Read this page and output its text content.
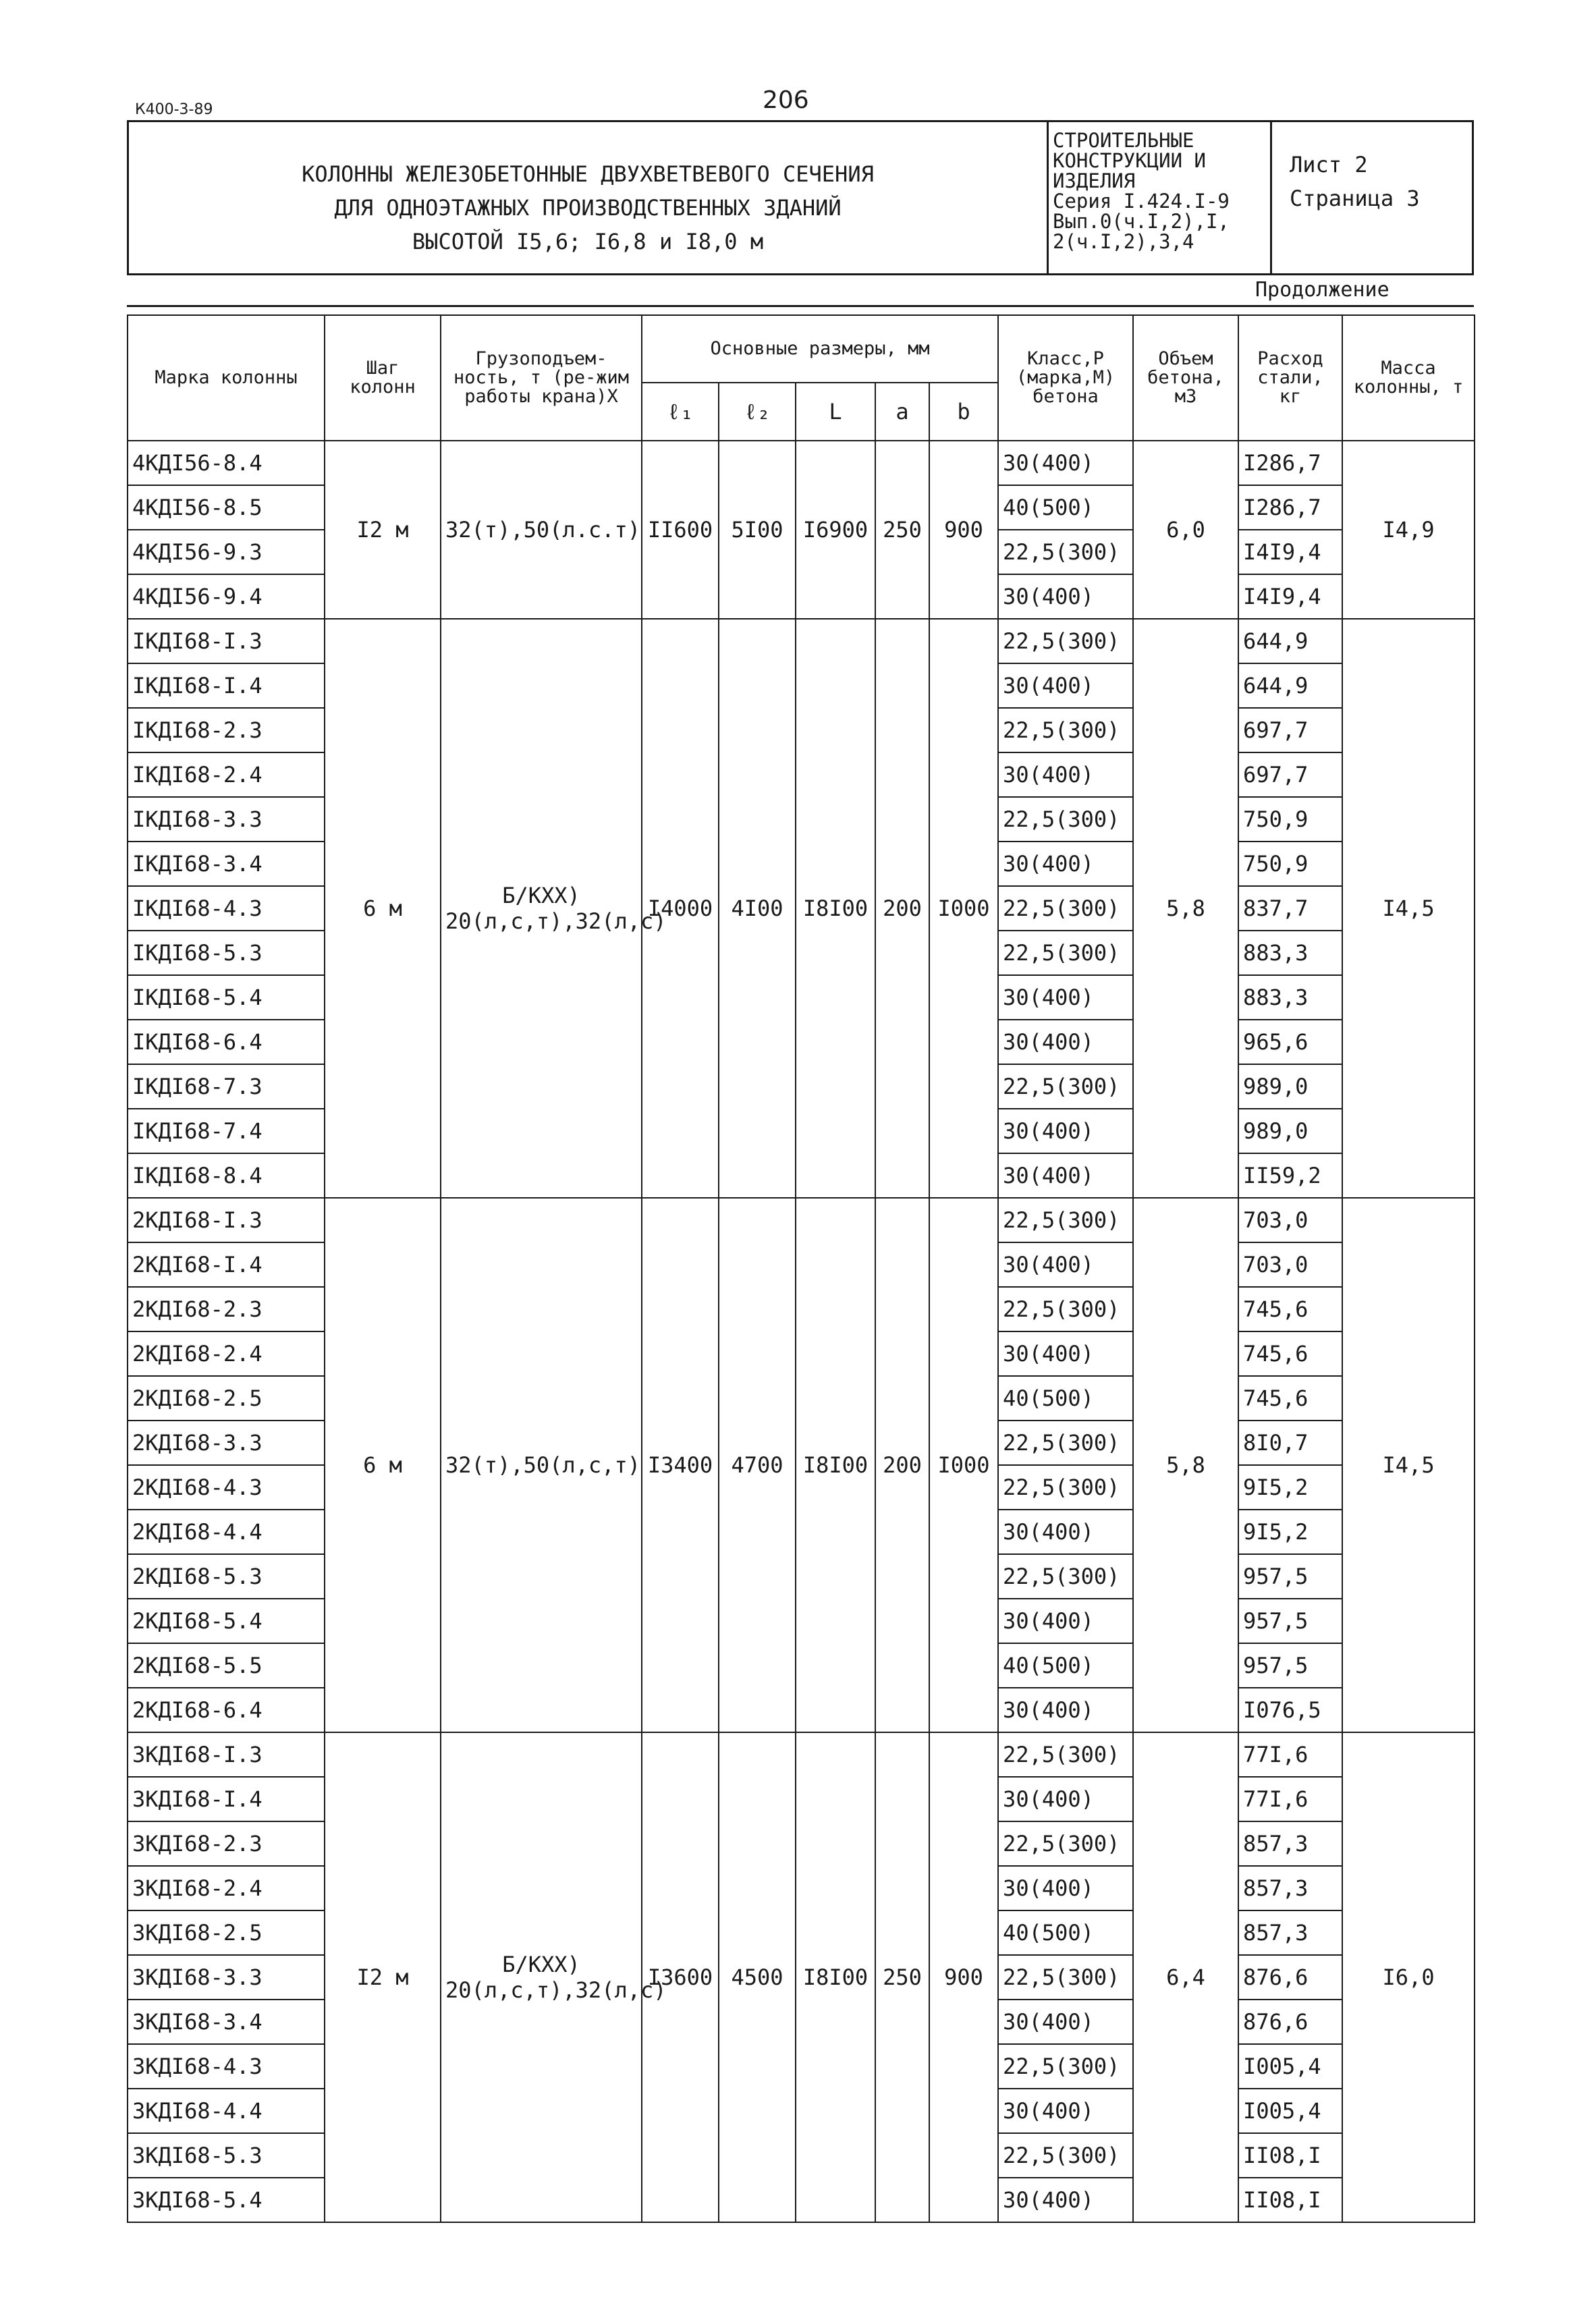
206
К400-3-89
КОЛОННЫ ЖЕЛЕЗОБЕТОННЫЕ ДВУХВЕТВЕВОГО СЕЧЕНИЯ
ДЛЯ ОДНОЭТАЖНЫХ ПРОИЗВОДСТВЕННЫХ ЗДАНИЙ
ВЫСОТОЙ I5,6; I6,8 и I8,0 м
СТРОИТЕЛЬНЫЕ
КОНСТРУКЦИИ И
ИЗДЕЛИЯ
Серия I.424.I-9
Вып.0(ч.I,2),I,
2(ч.I,2),3,4
Лист 2
Страница 3
Продолжение
Марка колонны	Шаг колонн	Грузоподъем-ность, т (ре-жим работы крана)X	Основные размеры, мм					Класс,Р (марка,М) бетона	Объем бетона, м3	Расход стали, кг	Масса колонны, т
			ℓ₁	ℓ₂	L	a	b				
4КДI56-8.4	I2 м	32(т),50(л.с.т)	II600	5I00	I6900	250	900	30(400)	6,0	I286,7	I4,9
4КДI56-8.5								40(500)		I286,7	
4КДI56-9.3								22,5(300)		I4I9,4	
4КДI56-9.4								30(400)		I4I9,4	
IКДI68-I.3	6 м	Б/КXX) 20(л,с,т),32(л,с)	I4000	4I00	I8I00	200	I000	22,5(300)	5,8	644,9	I4,5
IКДI68-I.4								30(400)		644,9	
IКДI68-2.3								22,5(300)		697,7	
IКДI68-2.4								30(400)		697,7	
IКДI68-3.3								22,5(300)		750,9	
IКДI68-3.4								30(400)		750,9	
IКДI68-4.3								22,5(300)		837,7	
IКДI68-5.3								22,5(300)		883,3	
IКДI68-5.4								30(400)		883,3	
IКДI68-6.4								30(400)		965,6	
IКДI68-7.3								22,5(300)		989,0	
IКДI68-7.4								30(400)		989,0	
IКДI68-8.4								30(400)		II59,2	
2КДI68-I.3	6 м	32(т),50(л,с,т)	I3400	4700	I8I00	200	I000	22,5(300)	5,8	703,0	I4,5
2КДI68-I.4								30(400)		703,0	
2КДI68-2.3								22,5(300)		745,6	
2КДI68-2.4								30(400)		745,6	
2КДI68-2.5								40(500)		745,6	
2КДI68-3.3								22,5(300)		8I0,7	
2КДI68-4.3								22,5(300)		9I5,2	
2КДI68-4.4								30(400)		9I5,2	
2КДI68-5.3								22,5(300)		957,5	
2КДI68-5.4								30(400)		957,5	
2КДI68-5.5								40(500)		957,5	
2КДI68-6.4								30(400)		I076,5	
3КДI68-I.3	I2 м	Б/КXX) 20(л,с,т),32(л,с)	I3600	4500	I8I00	250	900	22,5(300)	6,4	77I,6	I6,0
3КДI68-I.4								30(400)		77I,6	
3КДI68-2.3								22,5(300)		857,3	
3КДI68-2.4								30(400)		857,3	
3КДI68-2.5								40(500)		857,3	
3КДI68-3.3								22,5(300)		876,6	
3КДI68-3.4								30(400)		876,6	
3КДI68-4.3								22,5(300)		I005,4	
3КДI68-4.4								30(400)		I005,4	
3КДI68-5.3								22,5(300)		II08,I	
3КДI68-5.4								30(400)		II08,I	
